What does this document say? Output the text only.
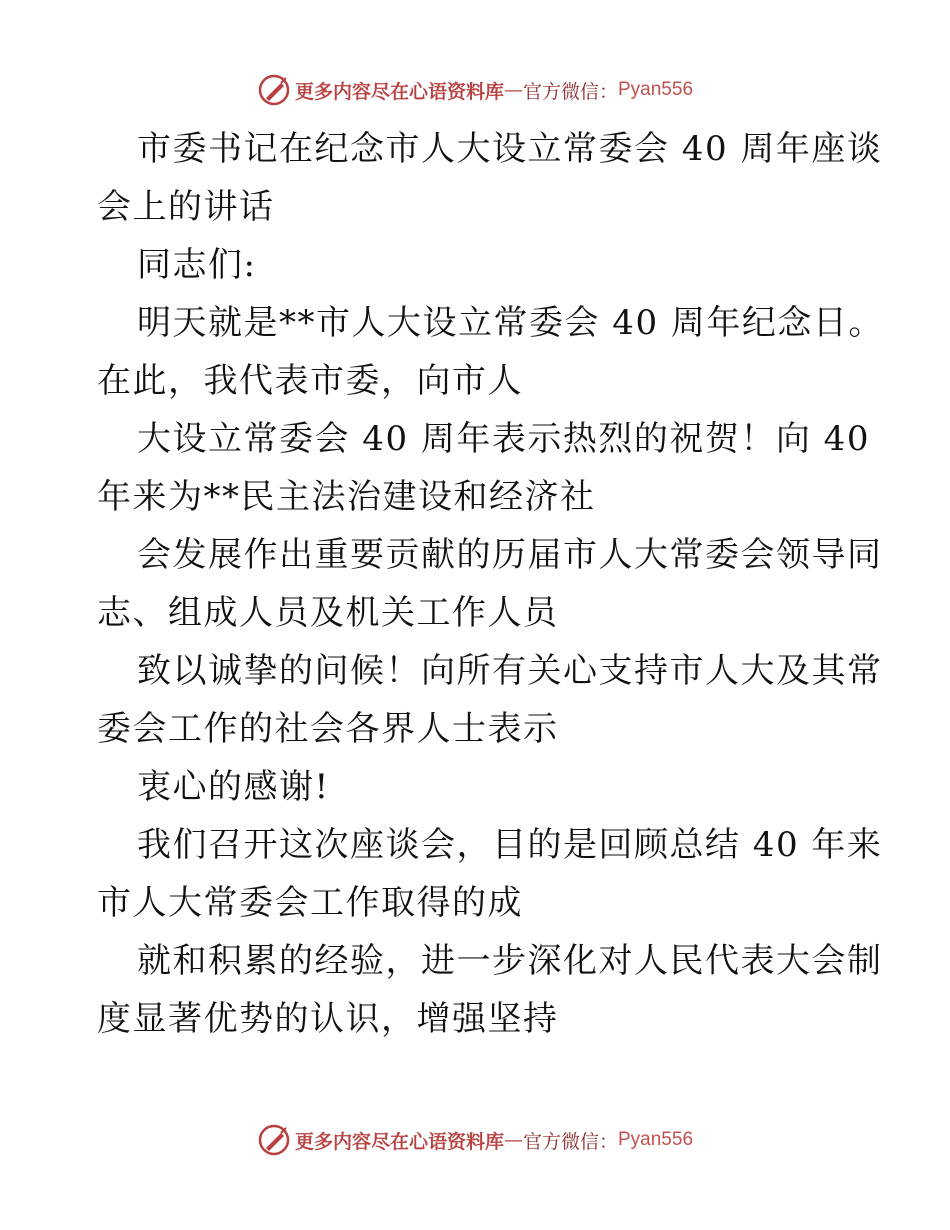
更多内容尽在心语资料库 — 官方微信： Pyan556
市委书记在纪念市人大设立常委会 40 周年座谈
会上的讲话
同志们:
明天就是**市人大设立常委会 40 周年纪念日。
在此，我代表市委，向市人
大设立常委会 40 周年表示热烈的祝贺！向 40
年来为**民主法治建设和经济社
会发展作出重要贡献的历届市人大常委会领导同
志、组成人员及机关工作人员
致以诚挚的问候！向所有关心支持市人大及其常
委会工作的社会各界人士表示
衷心的感谢!
我们召开这次座谈会，目的是回顾总结 40 年来
市人大常委会工作取得的成
就和积累的经验，进一步深化对人民代表大会制
度显著优势的认识，增强坚持
更多内容尽在心语资料库 — 官方微信： Pyan556
